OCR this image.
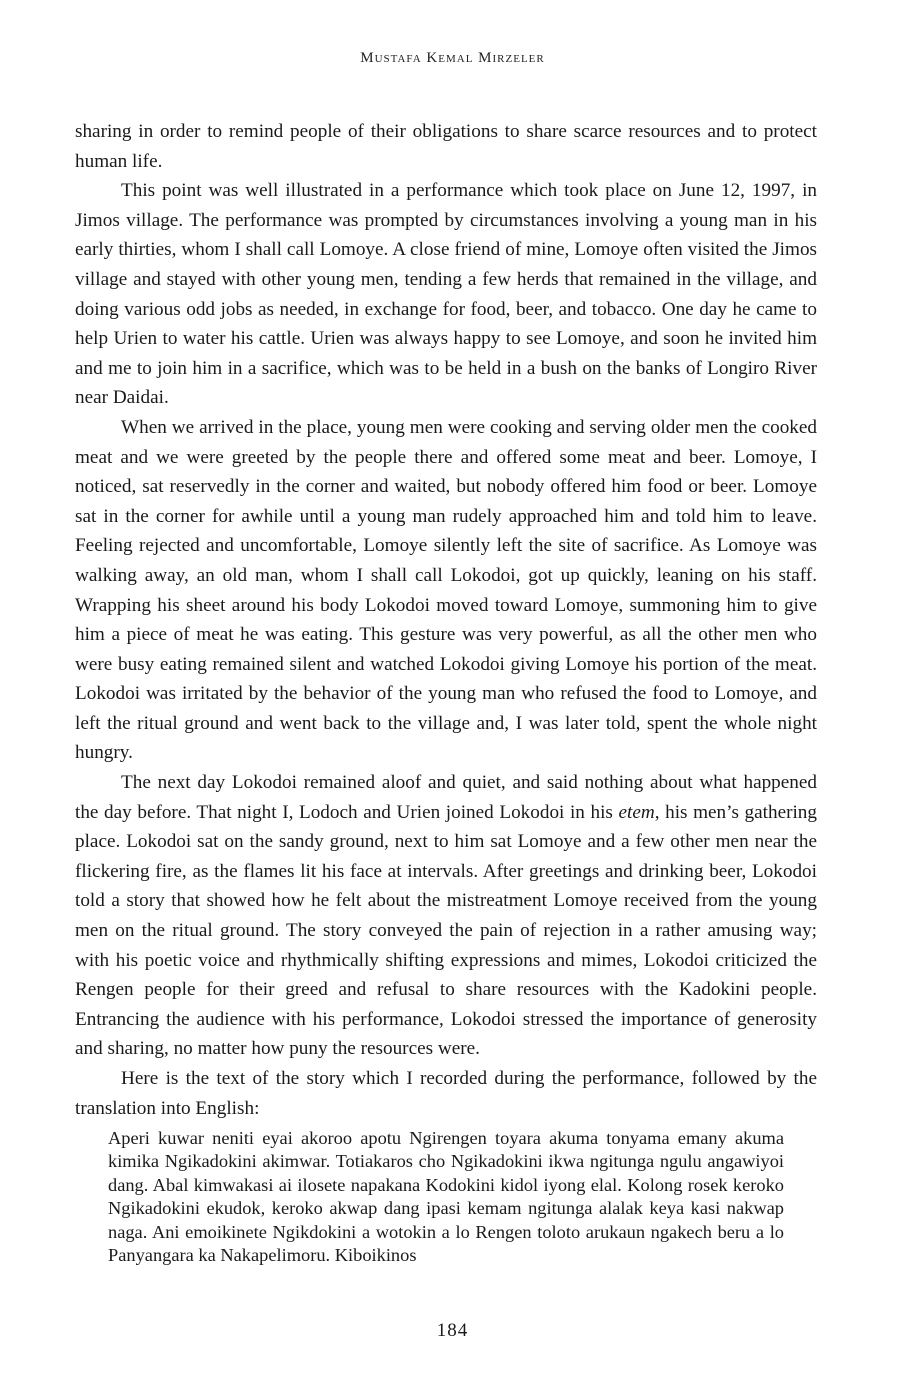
Mustafa Kemal Mirzeler

sharing in order to remind people of their obligations to share scarce resources and to protect human life.

This point was well illustrated in a performance which took place on June 12, 1997, in Jimos village. The performance was prompted by circumstances involving a young man in his early thirties, whom I shall call Lomoye. A close friend of mine, Lomoye often visited the Jimos village and stayed with other young men, tending a few herds that remained in the village, and doing various odd jobs as needed, in exchange for food, beer, and tobacco. One day he came to help Urien to water his cattle. Urien was always happy to see Lomoye, and soon he invited him and me to join him in a sacrifice, which was to be held in a bush on the banks of Longiro River near Daidai.

When we arrived in the place, young men were cooking and serving older men the cooked meat and we were greeted by the people there and offered some meat and beer. Lomoye, I noticed, sat reservedly in the corner and waited, but nobody offered him food or beer. Lomoye sat in the corner for awhile until a young man rudely approached him and told him to leave. Feeling rejected and uncomfortable, Lomoye silently left the site of sacrifice. As Lomoye was walking away, an old man, whom I shall call Lokodoi, got up quickly, leaning on his staff. Wrapping his sheet around his body Lokodoi moved toward Lomoye, summoning him to give him a piece of meat he was eating. This gesture was very powerful, as all the other men who were busy eating remained silent and watched Lokodoi giving Lomoye his portion of the meat. Lokodoi was irritated by the behavior of the young man who refused the food to Lomoye, and left the ritual ground and went back to the village and, I was later told, spent the whole night hungry.

The next day Lokodoi remained aloof and quiet, and said nothing about what happened the day before. That night I, Lodoch and Urien joined Lokodoi in his etem, his men’s gathering place. Lokodoi sat on the sandy ground, next to him sat Lomoye and a few other men near the flickering fire, as the flames lit his face at intervals. After greetings and drinking beer, Lokodoi told a story that showed how he felt about the mistreatment Lomoye received from the young men on the ritual ground. The story conveyed the pain of rejection in a rather amusing way; with his poetic voice and rhythmically shifting expressions and mimes, Lokodoi criticized the Rengen people for their greed and refusal to share resources with the Kadokini people. Entrancing the audience with his performance, Lokodoi stressed the importance of generosity and sharing, no matter how puny the resources were.

Here is the text of the story which I recorded during the performance, followed by the translation into English:

Aperi kuwar neniti eyai akoroo apotu Ngirengen toyara akuma tonyama emany akuma kimika Ngikadokini akimwar. Totiakaros cho Ngikadokini ikwa ngitunga ngulu angawiyoi dang. Abal kimwakasi ai ilosete napakana Kodokini kidol iyong elal. Kolong rosek keroko Ngikadokini ekudok, keroko akwap dang ipasi kemam ngitunga alalak keya kasi nakwap naga. Ani emoikinete Ngikdokini a wotokin a lo Rengen toloto arukaun ngakech beru a lo Panyangara ka Nakapelimoru. Kiboikinos

184
